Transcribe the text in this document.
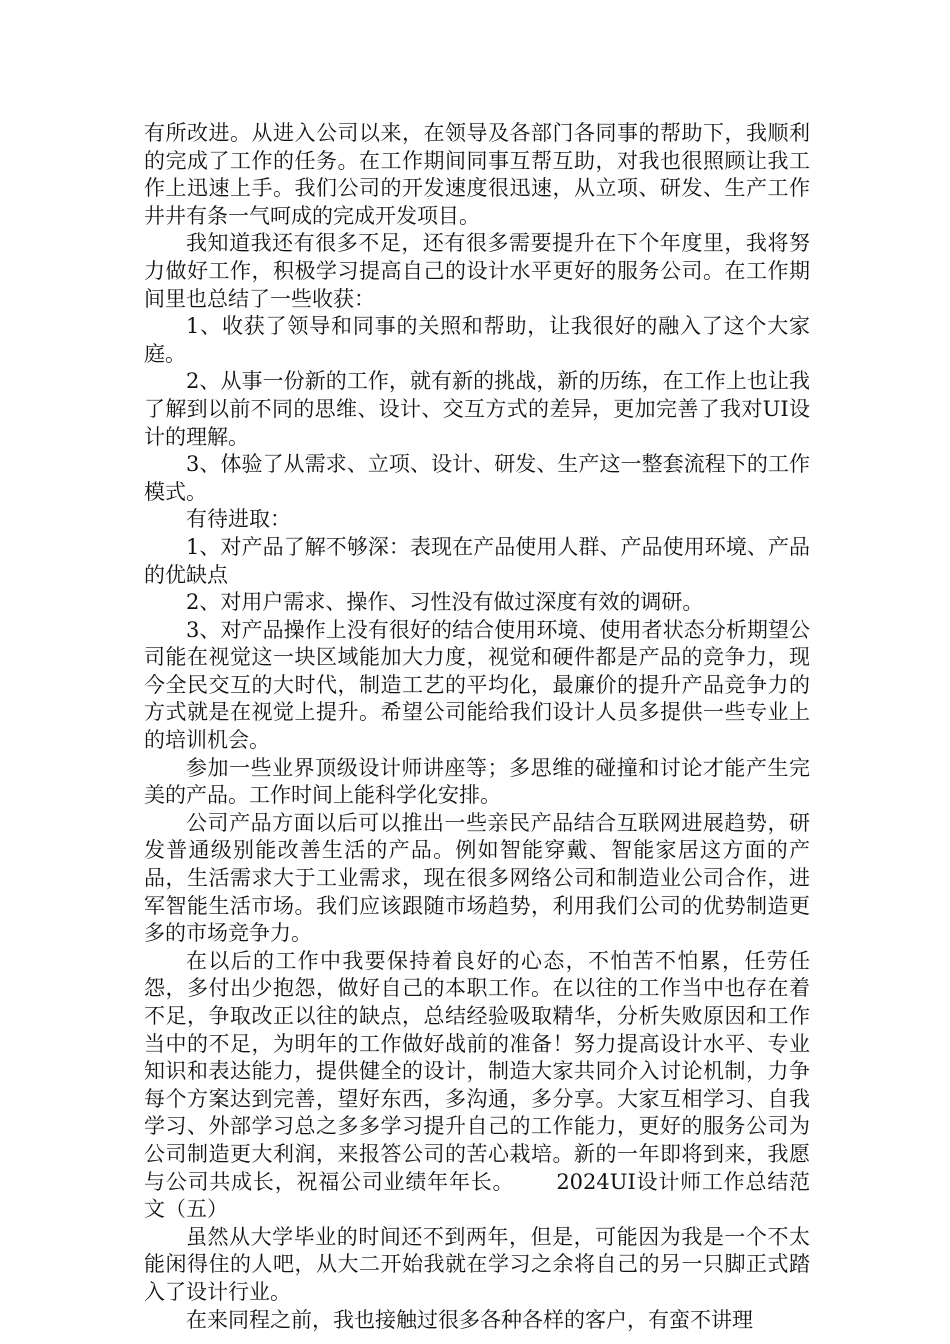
有所改进。从进入公司以来，在领导及各部门各同事的帮助下，我顺利的完成了工作的任务。在工作期间同事互帮互助，对我也很照顾让我工作上迅速上手。我们公司的开发速度很迅速，从立项、研发、生产工作井井有条一气呵成的完成开发项目。

我知道我还有很多不足，还有很多需要提升在下个年度里，我将努力做好工作，积极学习提高自己的设计水平更好的服务公司。在工作期间里也总结了一些收获：

1、收获了领导和同事的关照和帮助，让我很好的融入了这个大家庭。

2、从事一份新的工作，就有新的挑战，新的历练，在工作上也让我了解到以前不同的思维、设计、交互方式的差异，更加完善了我对UI设计的理解。

3、体验了从需求、立项、设计、研发、生产这一整套流程下的工作模式。

有待进取：

1、对产品了解不够深：表现在产品使用人群、产品使用环境、产品的优缺点

2、对用户需求、操作、习性没有做过深度有效的调研。

3、对产品操作上没有很好的结合使用环境、使用者状态分析期望公司能在视觉这一块区域能加大力度，视觉和硬件都是产品的竞争力，现今全民交互的大时代，制造工艺的平均化，最廉价的提升产品竞争力的方式就是在视觉上提升。希望公司能给我们设计人员多提供一些专业上的培训机会。

参加一些业界顶级设计师讲座等；多思维的碰撞和讨论才能产生完美的产品。工作时间上能科学化安排。

公司产品方面以后可以推出一些亲民产品结合互联网进展趋势，研发普通级别能改善生活的产品。例如智能穿戴、智能家居这方面的产品，生活需求大于工业需求，现在很多网络公司和制造业公司合作，进军智能生活市场。我们应该跟随市场趋势，利用我们公司的优势制造更多的市场竞争力。

在以后的工作中我要保持着良好的心态，不怕苦不怕累，任劳任怨，多付出少抱怨，做好自己的本职工作。在以往的工作当中也存在着不足，争取改正以往的缺点，总结经验吸取精华，分析失败原因和工作当中的不足，为明年的工作做好战前的准备！努力提高设计水平、专业知识和表达能力，提供健全的设计，制造大家共同介入讨论机制，力争每个方案达到完善，望好东西，多沟通，多分享。大家互相学习、自我学习、外部学习总之多多学习提升自己的工作能力，更好的服务公司为公司制造更大利润，来报答公司的苦心栽培。新的一年即将到来，我愿与公司共成长，祝福公司业绩年年长。   2024UI设计师工作总结范文（五）

虽然从大学毕业的时间还不到两年，但是，可能因为我是一个不太能闲得住的人吧，从大二开始我就在学习之余将自己的另一只脚正式踏入了设计行业。

在来同程之前，我也接触过很多各种各样的客户，有蛮不讲理
